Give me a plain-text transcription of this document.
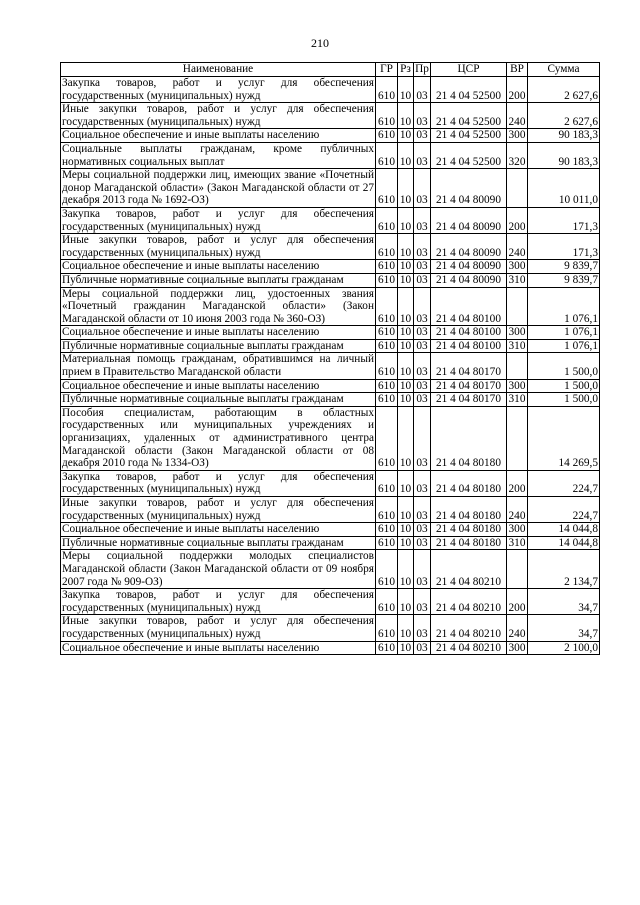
210
Наименование	ГР	Рз	Пр	ЦСР	ВР	Сумма
Закупка товаров, работ и услуг для обеспечения государственных (муниципальных) нужд	610	10	03	21 4 04 52500	200	2 627,6
Иные закупки товаров, работ и услуг для обеспечения государственных (муниципальных) нужд	610	10	03	21 4 04 52500	240	2 627,6
Социальное обеспечение и иные выплаты населению	610	10	03	21 4 04 52500	300	90 183,3
Социальные выплаты гражданам, кроме публичных нормативных социальных выплат	610	10	03	21 4 04 52500	320	90 183,3
Меры социальной поддержки лиц, имеющих звание «Почетный донор Магаданской области» (Закон Магаданской области от 27 декабря 2013 года № 1692-ОЗ)	610	10	03	21 4 04 80090		10 011,0
Закупка товаров, работ и услуг для обеспечения государственных (муниципальных) нужд	610	10	03	21 4 04 80090	200	171,3
Иные закупки товаров, работ и услуг для обеспечения государственных (муниципальных) нужд	610	10	03	21 4 04 80090	240	171,3
Социальное обеспечение и иные выплаты населению	610	10	03	21 4 04 80090	300	9 839,7
Публичные нормативные социальные выплаты гражданам	610	10	03	21 4 04 80090	310	9 839,7
Меры социальной поддержки лиц, удостоенных звания «Почетный гражданин Магаданской области» (Закон Магаданской области от 10 июня 2003 года № 360-ОЗ)	610	10	03	21 4 04 80100		1 076,1
Социальное обеспечение и иные выплаты населению	610	10	03	21 4 04 80100	300	1 076,1
Публичные нормативные социальные выплаты гражданам	610	10	03	21 4 04 80100	310	1 076,1
Материальная помощь гражданам, обратившимся на личный прием в Правительство Магаданской области	610	10	03	21 4 04 80170		1 500,0
Социальное обеспечение и иные выплаты населению	610	10	03	21 4 04 80170	300	1 500,0
Публичные нормативные социальные выплаты гражданам	610	10	03	21 4 04 80170	310	1 500,0
Пособия специалистам, работающим в областных государственных или муниципальных учреждениях и организациях, удаленных от административного центра Магаданской области (Закон Магаданской области от 08 декабря 2010 года № 1334-ОЗ)	610	10	03	21 4 04 80180		14 269,5
Закупка товаров, работ и услуг для обеспечения государственных (муниципальных) нужд	610	10	03	21 4 04 80180	200	224,7
Иные закупки товаров, работ и услуг для обеспечения государственных (муниципальных) нужд	610	10	03	21 4 04 80180	240	224,7
Социальное обеспечение и иные выплаты населению	610	10	03	21 4 04 80180	300	14 044,8
Публичные нормативные социальные выплаты гражданам	610	10	03	21 4 04 80180	310	14 044,8
Меры социальной поддержки молодых специалистов Магаданской области (Закон Магаданской области от 09 ноября 2007 года № 909-ОЗ)	610	10	03	21 4 04 80210		2 134,7
Закупка товаров, работ и услуг для обеспечения государственных (муниципальных) нужд	610	10	03	21 4 04 80210	200	34,7
Иные закупки товаров, работ и услуг для обеспечения государственных (муниципальных) нужд	610	10	03	21 4 04 80210	240	34,7
Социальное обеспечение и иные выплаты населению	610	10	03	21 4 04 80210	300	2 100,0
